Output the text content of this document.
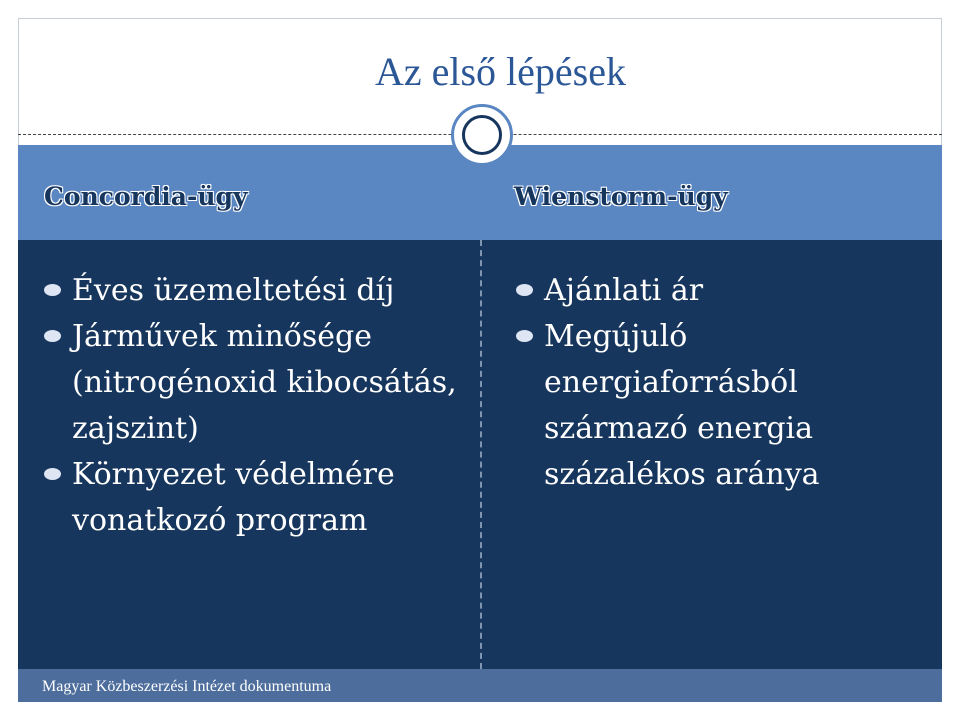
Az első lépések
Magyar Közbeszerzési Intézet dokumentuma
Concordia-ügy	Wienstorm-ügy
Éves üzemeltetési díj
Járművek minősége (nitrogénoxid kibocsátás, zajszint)
Környezet védelmére vonatkozó program
Ajánlati ár
Megújuló energiaforrásból származó energia százalékos aránya
